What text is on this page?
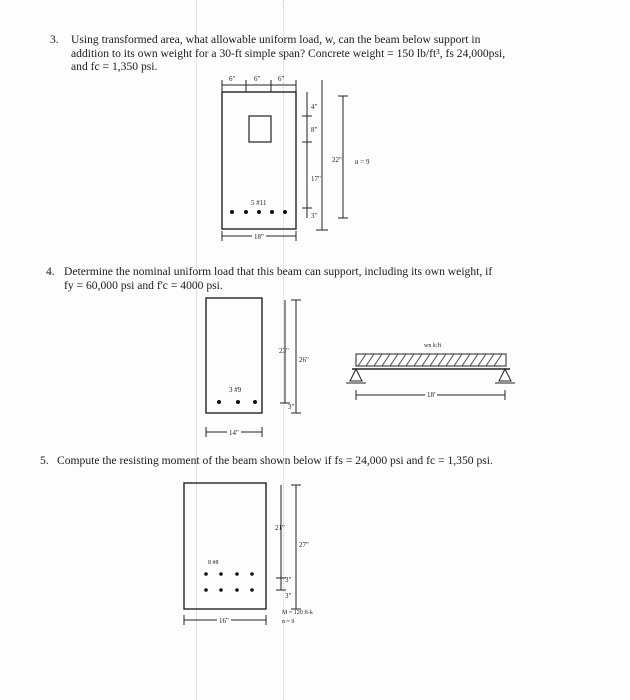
3.	Using transformed area, what allowable uniform load, w, can the beam below support in
addition to its own weight for a 30-ft simple span? Concrete weight = 150 lb/ft³, fs 24,000psi,
and fc = 1,350 psi.
4. Determine the nominal uniform load that this beam can support, including its own weight, if
fy = 60,000 psi and f'c = 4000 psi.
5. Compute the resisting moment of the beam shown below if fs = 24,000 psi and fc = 1,350 psi.
6"	6"	6"
4"
8"
17"
22"
3"
n = 9
5 #11
18"
23"
26"
3"
3 #9
14"
wn k/ft
18'
21"
27"
3"
3"
8 #8
M = 120 ft-k
n = 9
16"
